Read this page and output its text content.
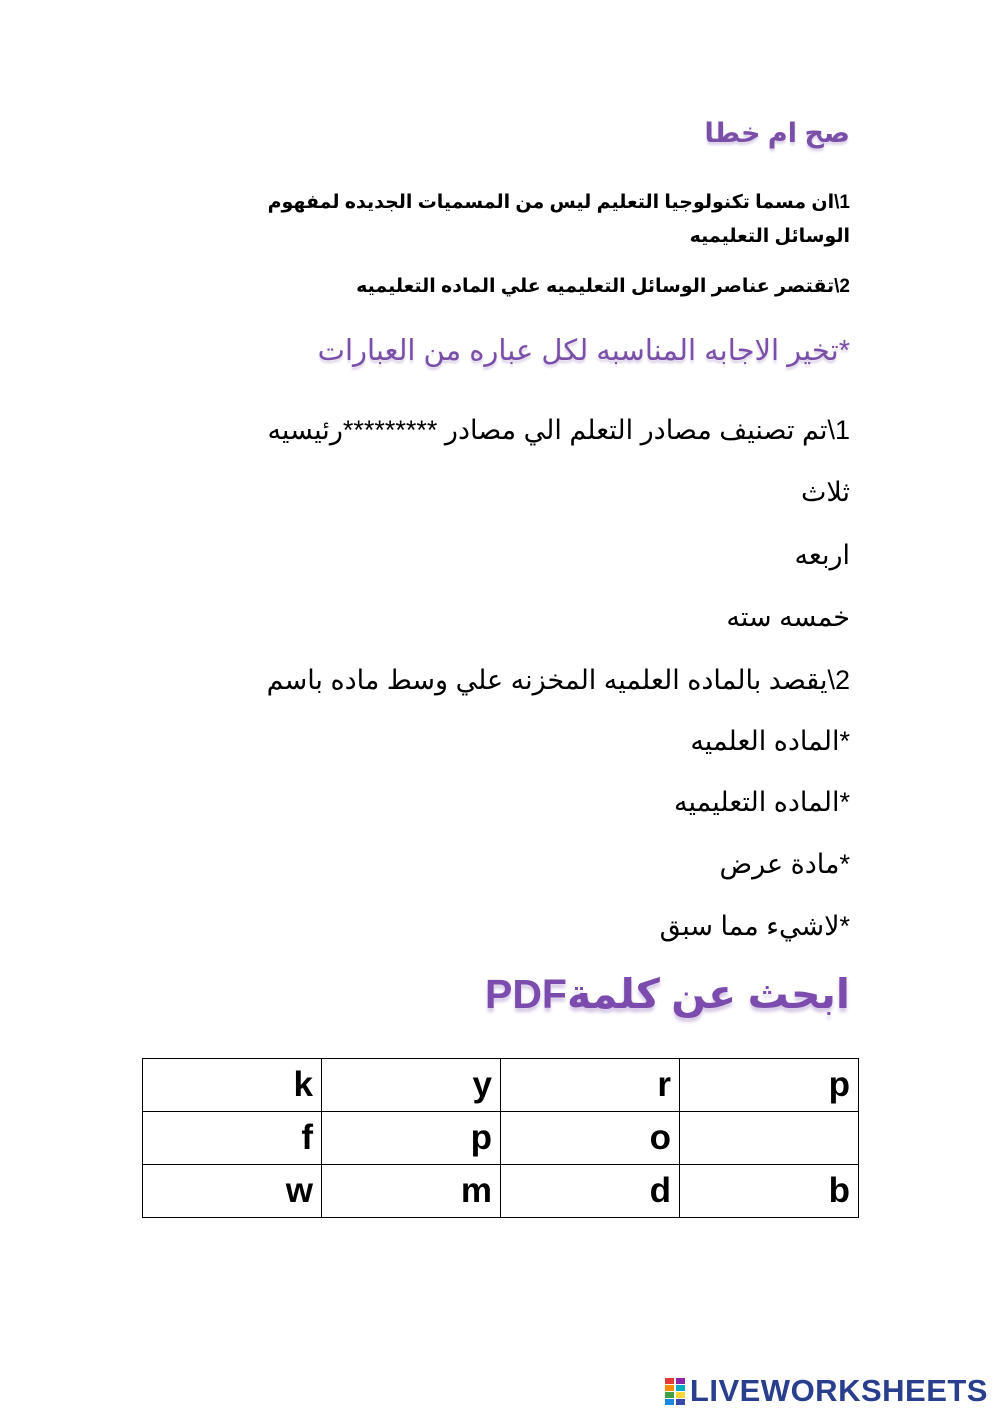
صح ام خطا
1\ان مسما تكنولوجيا التعليم ليس من المسميات الجديده لمفهوم الوسائل التعليميه
2\تقتصر عناصر الوسائل التعليميه علي الماده التعليميه
*تخير الاجابه المناسبه لكل عباره من العبارات
1\تم تصنيف مصادر التعلم الي مصادر *********رئيسيه
ثلاث
اربعه
خمسه سته
2\يقصد بالماده العلميه المخزنه علي وسط ماده باسم
*الماده العلميه
*الماده التعليميه
*مادة عرض
*لاشيء مما سبق
ابحث عن كلمةPDF
k	y	r	p
f	p	o	
w	m	d	b
LIVEWORKSHEETS
